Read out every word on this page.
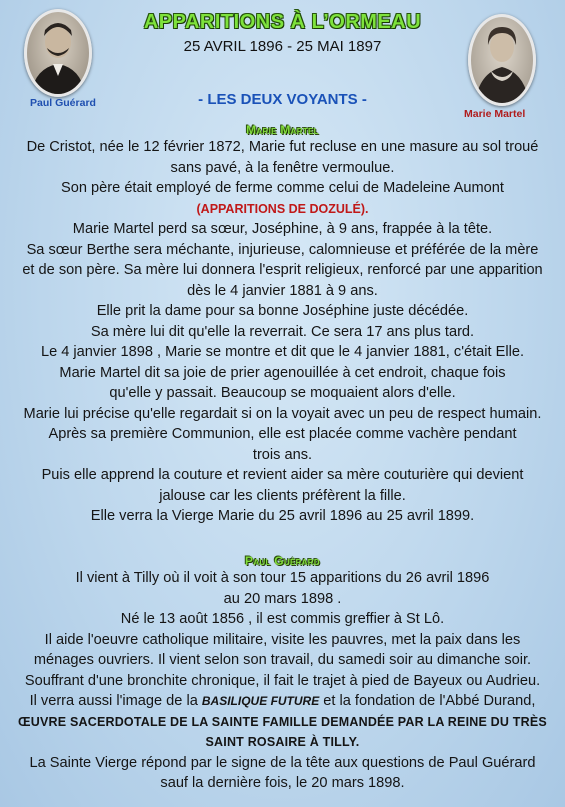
Paul Guérard
Marie Martel
APPARITIONS À L’ORMEAU
25 AVRIL 1896 - 25 MAI 1897
- LES DEUX VOYANTS -
Marie Martel
De Cristot, née le 12 février 1872, Marie fut recluse en une masure au sol troué
sans pavé, à la fenêtre vermoulue.
Son père était employé de ferme comme celui de Madeleine Aumont
(APPARITIONS DE DOZULÉ).
Marie Martel perd sa sœur, Joséphine, à 9 ans, frappée à la tête.
Sa sœur Berthe sera méchante, injurieuse, calomnieuse et préférée de la mère
et de son père. Sa mère lui donnera l'esprit religieux, renforcé par une apparition
dès le 4 janvier 1881 à 9 ans.
Elle prit la dame pour sa bonne Joséphine juste décédée.
Sa mère lui dit qu'elle la reverrait. Ce sera 17 ans plus tard.
Le 4 janvier 1898 , Marie se montre et dit que le 4 janvier 1881, c'était Elle.
Marie Martel dit sa joie de prier agenouillée à cet endroit, chaque fois
qu'elle y passait. Beaucoup se moquaient alors d'elle.
Marie lui précise qu'elle regardait si on la voyait avec un peu de respect humain.
Après sa première Communion, elle est placée comme vachère pendant
trois ans.
Puis elle apprend la couture et revient aider sa mère couturière qui devient
jalouse car les clients préfèrent la fille.
Elle verra la Vierge Marie du 25 avril 1896 au 25 avril 1899.
Paul Guérard
Il vient à Tilly où il voit à son tour 15 apparitions du 26 avril 1896
au 20 mars 1898 .
Né le 13 août 1856 , il est commis greffier à St Lô.
Il aide l'oeuvre catholique militaire, visite les pauvres, met la paix dans les
ménages ouvriers. Il vient selon son travail, du samedi soir au dimanche soir.
Souffrant d'une bronchite chronique, il fait le trajet à pied de Bayeux ou Audrieu.
Il verra aussi l'image de la BASILIQUE FUTURE et la fondation de l'Abbé Durand,
ŒUVRE SACERDOTALE DE LA SAINTE FAMILLE DEMANDÉE PAR LA REINE DU TRÈS
SAINT ROSAIRE À TILLY.
La Sainte Vierge répond par le signe de la tête aux questions de Paul Guérard
sauf la dernière fois, le 20 mars 1898.
